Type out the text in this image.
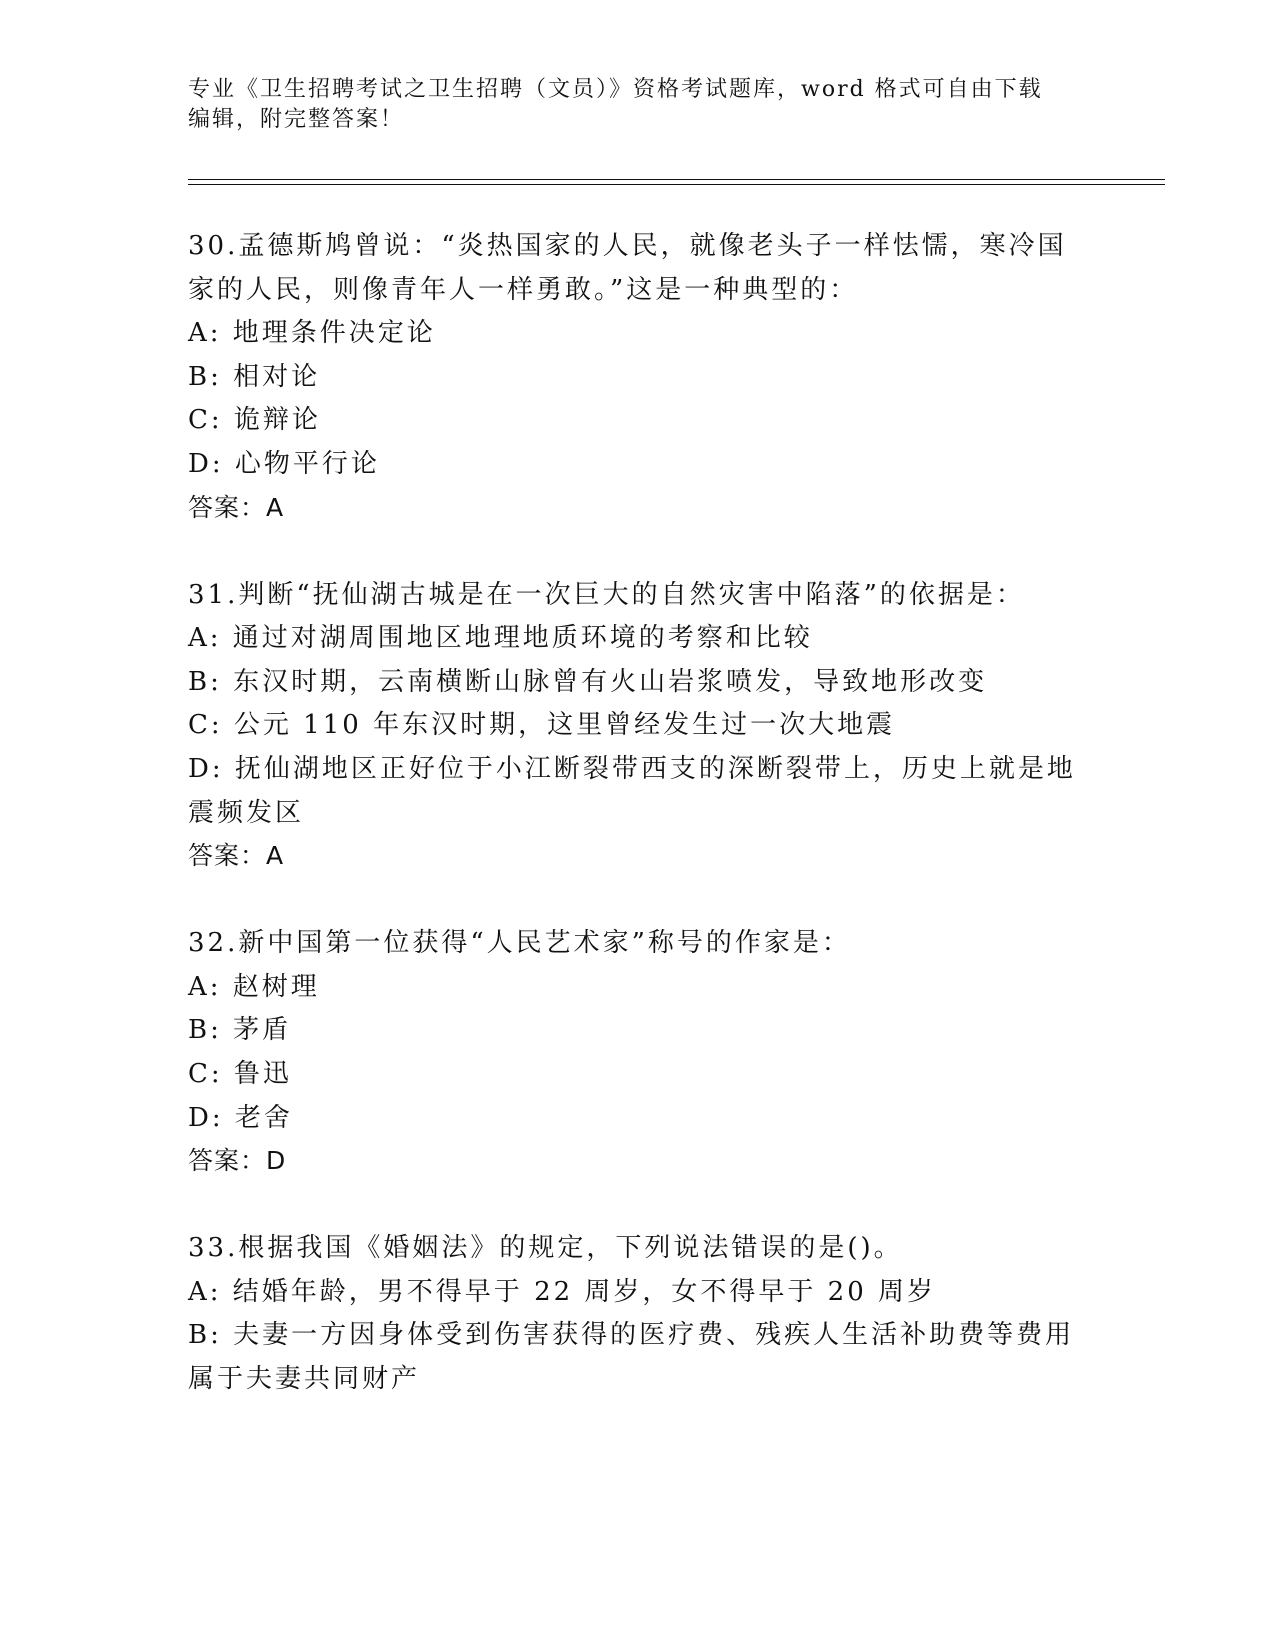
专业《卫生招聘考试之卫生招聘（文员）》资格考试题库，word 格式可自由下载
编辑，附完整答案！
30.孟德斯鸠曾说：“炎热国家的人民，就像老头子一样怯懦，寒冷国
家的人民，则像青年人一样勇敢。”这是一种典型的：
A: 地理条件决定论
B: 相对论
C: 诡辩论
D: 心物平行论
答案：A
31.判断“抚仙湖古城是在一次巨大的自然灾害中陷落”的依据是：
A: 通过对湖周围地区地理地质环境的考察和比较
B: 东汉时期，云南横断山脉曾有火山岩浆喷发，导致地形改变
C: 公元 110 年东汉时期，这里曾经发生过一次大地震
D: 抚仙湖地区正好位于小江断裂带西支的深断裂带上，历史上就是地
震频发区
答案：A
32.新中国第一位获得“人民艺术家”称号的作家是：
A: 赵树理
B: 茅盾
C: 鲁迅
D: 老舍
答案：D
33.根据我国《婚姻法》的规定，下列说法错误的是()。
A: 结婚年龄，男不得早于 22 周岁，女不得早于 20 周岁
B: 夫妻一方因身体受到伤害获得的医疗费、残疾人生活补助费等费用
属于夫妻共同财产
